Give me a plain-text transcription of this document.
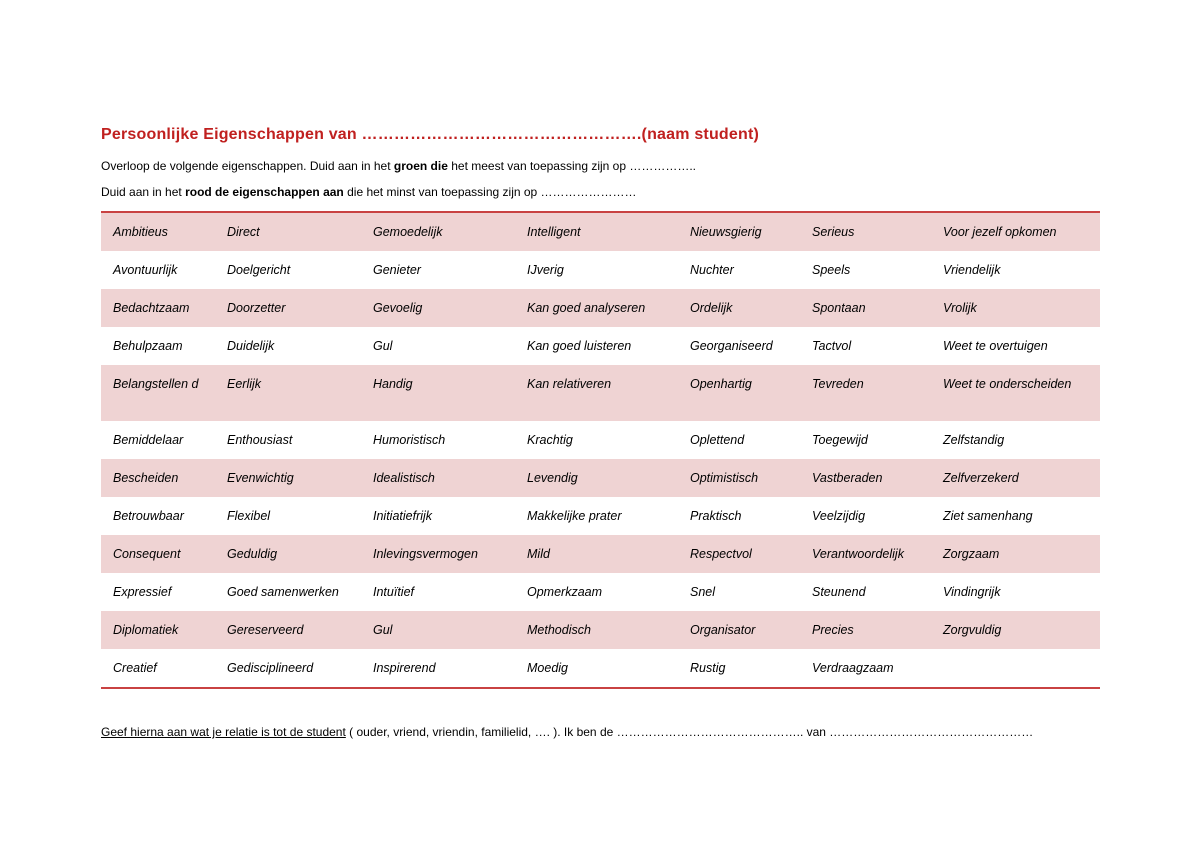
Persoonlijke Eigenschappen van …………………………………………….(naam student)
Overloop de volgende eigenschappen. Duid aan in het groen die het meest van toepassing zijn op ……………..
Duid aan in het rood de eigenschappen aan die het minst van toepassing zijn op ……………………
Ambitieus	Direct	Gemoedelijk	Intelligent	Nieuwsgierig	Serieus	Voor jezelf opkomen
Avontuurlijk	Doelgericht	Genieter	IJverig	Nuchter	Speels	Vriendelijk
Bedachtzaam	Doorzetter	Gevoelig	Kan goed analyseren	Ordelijk	Spontaan	Vrolijk
Behulpzaam	Duidelijk	Gul	Kan goed luisteren	Georganiseerd	Tactvol	Weet te overtuigen
Belangstellen d	Eerlijk	Handig	Kan relativeren	Openhartig	Tevreden	Weet te onderscheiden
Bemiddelaar	Enthousiast	Humoristisch	Krachtig	Oplettend	Toegewijd	Zelfstandig
Bescheiden	Evenwichtig	Idealistisch	Levendig	Optimistisch	Vastberaden	Zelfverzekerd
Betrouwbaar	Flexibel	Initiatiefrijk	Makkelijke prater	Praktisch	Veelzijdig	Ziet samenhang
Consequent	Geduldig	Inlevingsvermogen	Mild	Respectvol	Verantwoordelijk	Zorgzaam
Expressief	Goed samenwerken	Intuïtief	Opmerkzaam	Snel	Steunend	Vindingrijk
Diplomatiek	Gereserveerd	Gul	Methodisch	Organisator	Precies	Zorgvuldig
Creatief	Gedisciplineerd	Inspirerend	Moedig	Rustig	Verdraagzaam	
Geef hierna aan wat je relatie is tot de student ( ouder, vriend, vriendin, familielid, …. ). Ik ben de ……………………………………….. van ……………………………………………
